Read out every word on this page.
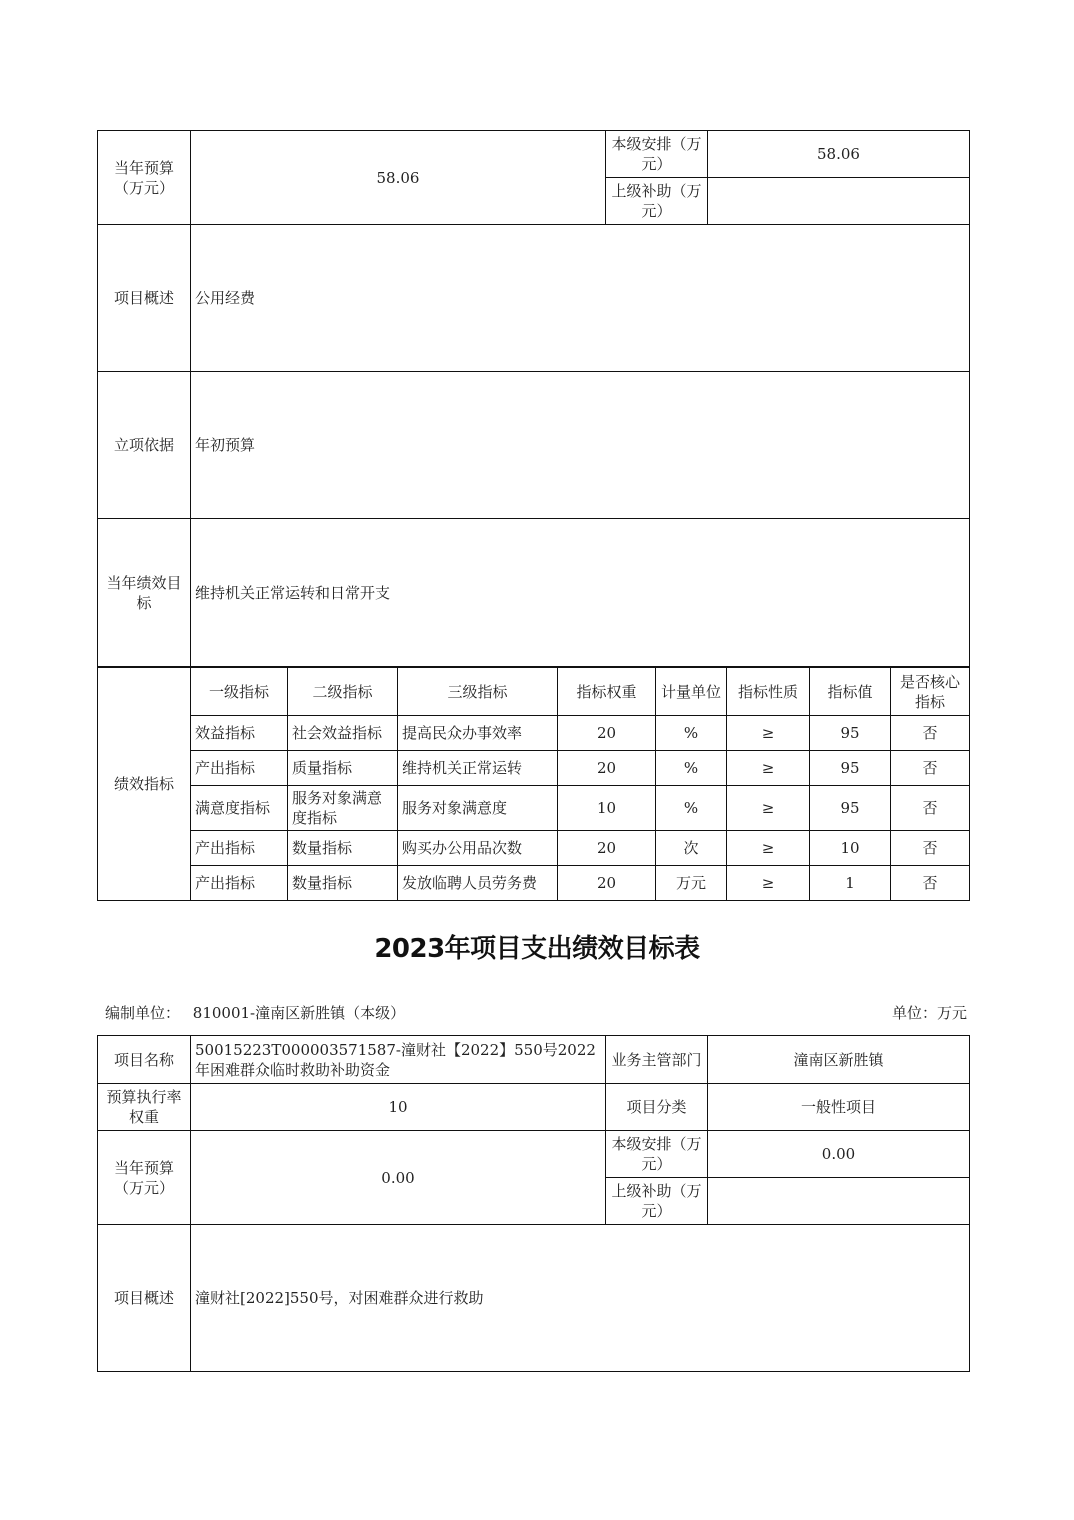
当年预算（万元）	58.06	本级安排（万元）	58.06
		上级补助（万元）	
项目概述	公用经费		
立项依据	年初预算		
当年绩效目标	维持机关正常运转和日常开支		
绩效指标	一级指标	二级指标	三级指标	指标权重	计量单位	指标性质	指标值	是否核心指标
	效益指标	社会效益指标	提高民众办事效率	20	%	≥	95	否
	产出指标	质量指标	维持机关正常运转	20	%	≥	95	否
	满意度指标	服务对象满意度指标	服务对象满意度	10	%	≥	95	否
	产出指标	数量指标	购买办公用品次数	20	次	≥	10	否
	产出指标	数量指标	发放临聘人员劳务费	20	万元	≥	1	否
2023年项目支出绩效目标表
编制单位： 810001-潼南区新胜镇（本级）	单位：万元
项目名称	50015223T000003571587-潼财社【2022】550号2022年困难群众临时救助补助资金	业务主管部门	潼南区新胜镇
预算执行率权重	10	项目分类	一般性项目
当年预算（万元）	0.00	本级安排（万元）	0.00
		上级补助（万元）	
项目概述	潼财社[2022]550号，对困难群众进行救助		
